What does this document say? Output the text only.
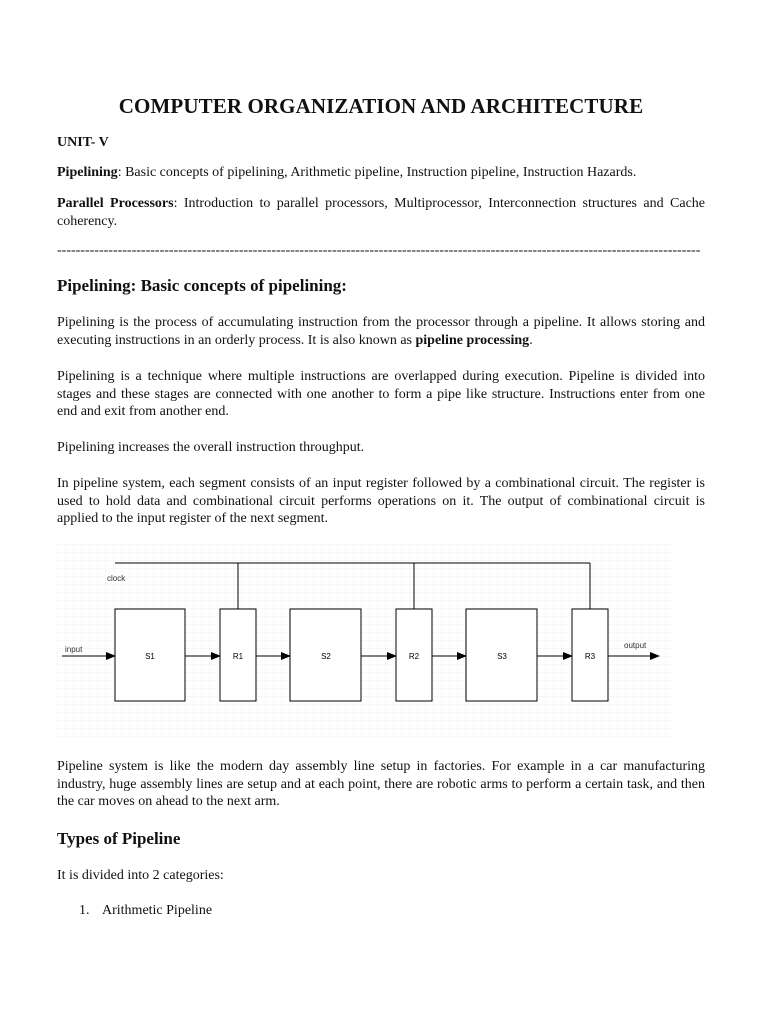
COMPUTER ORGANIZATION AND ARCHITECTURE

UNIT- V

Pipelining: Basic concepts of pipelining, Arithmetic pipeline, Instruction pipeline, Instruction Hazards.

Parallel Processors: Introduction to parallel processors, Multiprocessor, Interconnection structures and Cache coherency.

------------------------------------------------------------------------------------------------------------------------------------------
Pipelining: Basic concepts of pipelining:

Pipelining is the process of accumulating instruction from the processor through a pipeline. It allows storing and executing instructions in an orderly process. It is also known as pipeline processing.

Pipelining is a technique where multiple instructions are overlapped during execution. Pipeline is divided into stages and these stages are connected with one another to form a pipe like structure. Instructions enter from one end and exit from another end.

Pipelining increases the overall instruction throughput.

In pipeline system, each segment consists of an input register followed by a combinational circuit. The register is used to hold data and combinational circuit performs operations on it. The output of combinational circuit is applied to the input register of the next segment.

clock
input	output
S1	R1	S2	R2	S3	R3

Pipeline system is like the modern day assembly line setup in factories. For example in a car manufacturing industry, huge assembly lines are setup and at each point, there are robotic arms to perform a certain task, and then the car moves on ahead to the next arm.

Types of Pipeline

It is divided into 2 categories:

1. Arithmetic Pipeline
